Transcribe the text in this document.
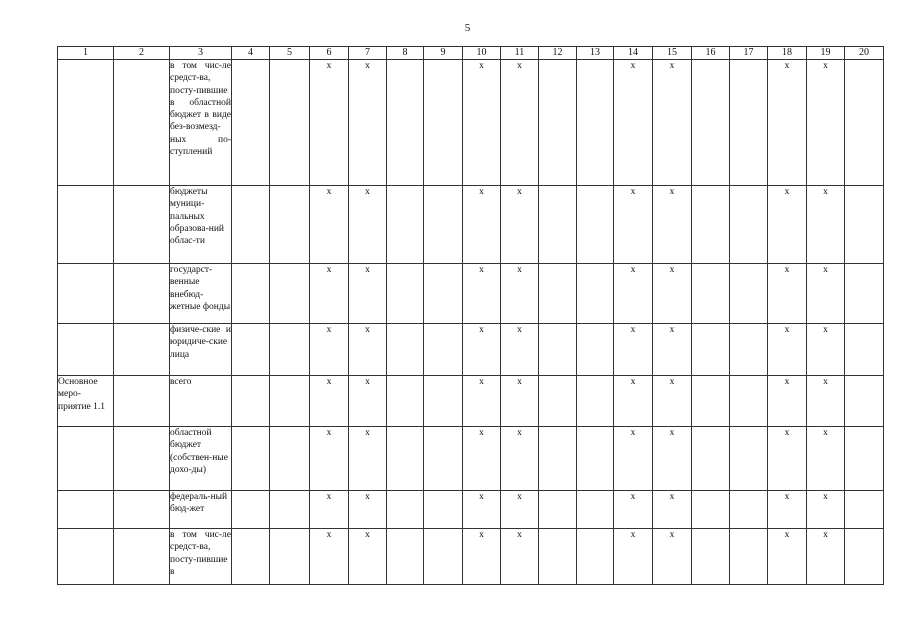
5
1	2	3	4	5	6	7	8	9	10	11	12	13	14	15	16	17	18	19	20
		в том чис-ле средст-ва, посту-пившие в областной бюджет в виде без-возмезд-ных по-ступлений			x	x			x	x			x	x			x	x	
		бюджеты муници-пальных образова-ний облас-ти			x	x			x	x			x	x			x	x	
		государст-венные внебюд-жетные фонды			x	x			x	x			x	x			x	x	
		физиче-ские и юридиче-ские лица			x	x			x	x			x	x			x	x	
Основное меро-приятие 1.1		всего			x	x			x	x			x	x			x	x	
		областной бюджет (собствен-ные дохо-ды)			x	x			x	x			x	x			x	x	
		федераль-ный бюд-жет			x	x			x	x			x	x			x	x	
		в том чис-ле средст-ва, посту-пившие в			x	x			x	x			x	x			x	x	
